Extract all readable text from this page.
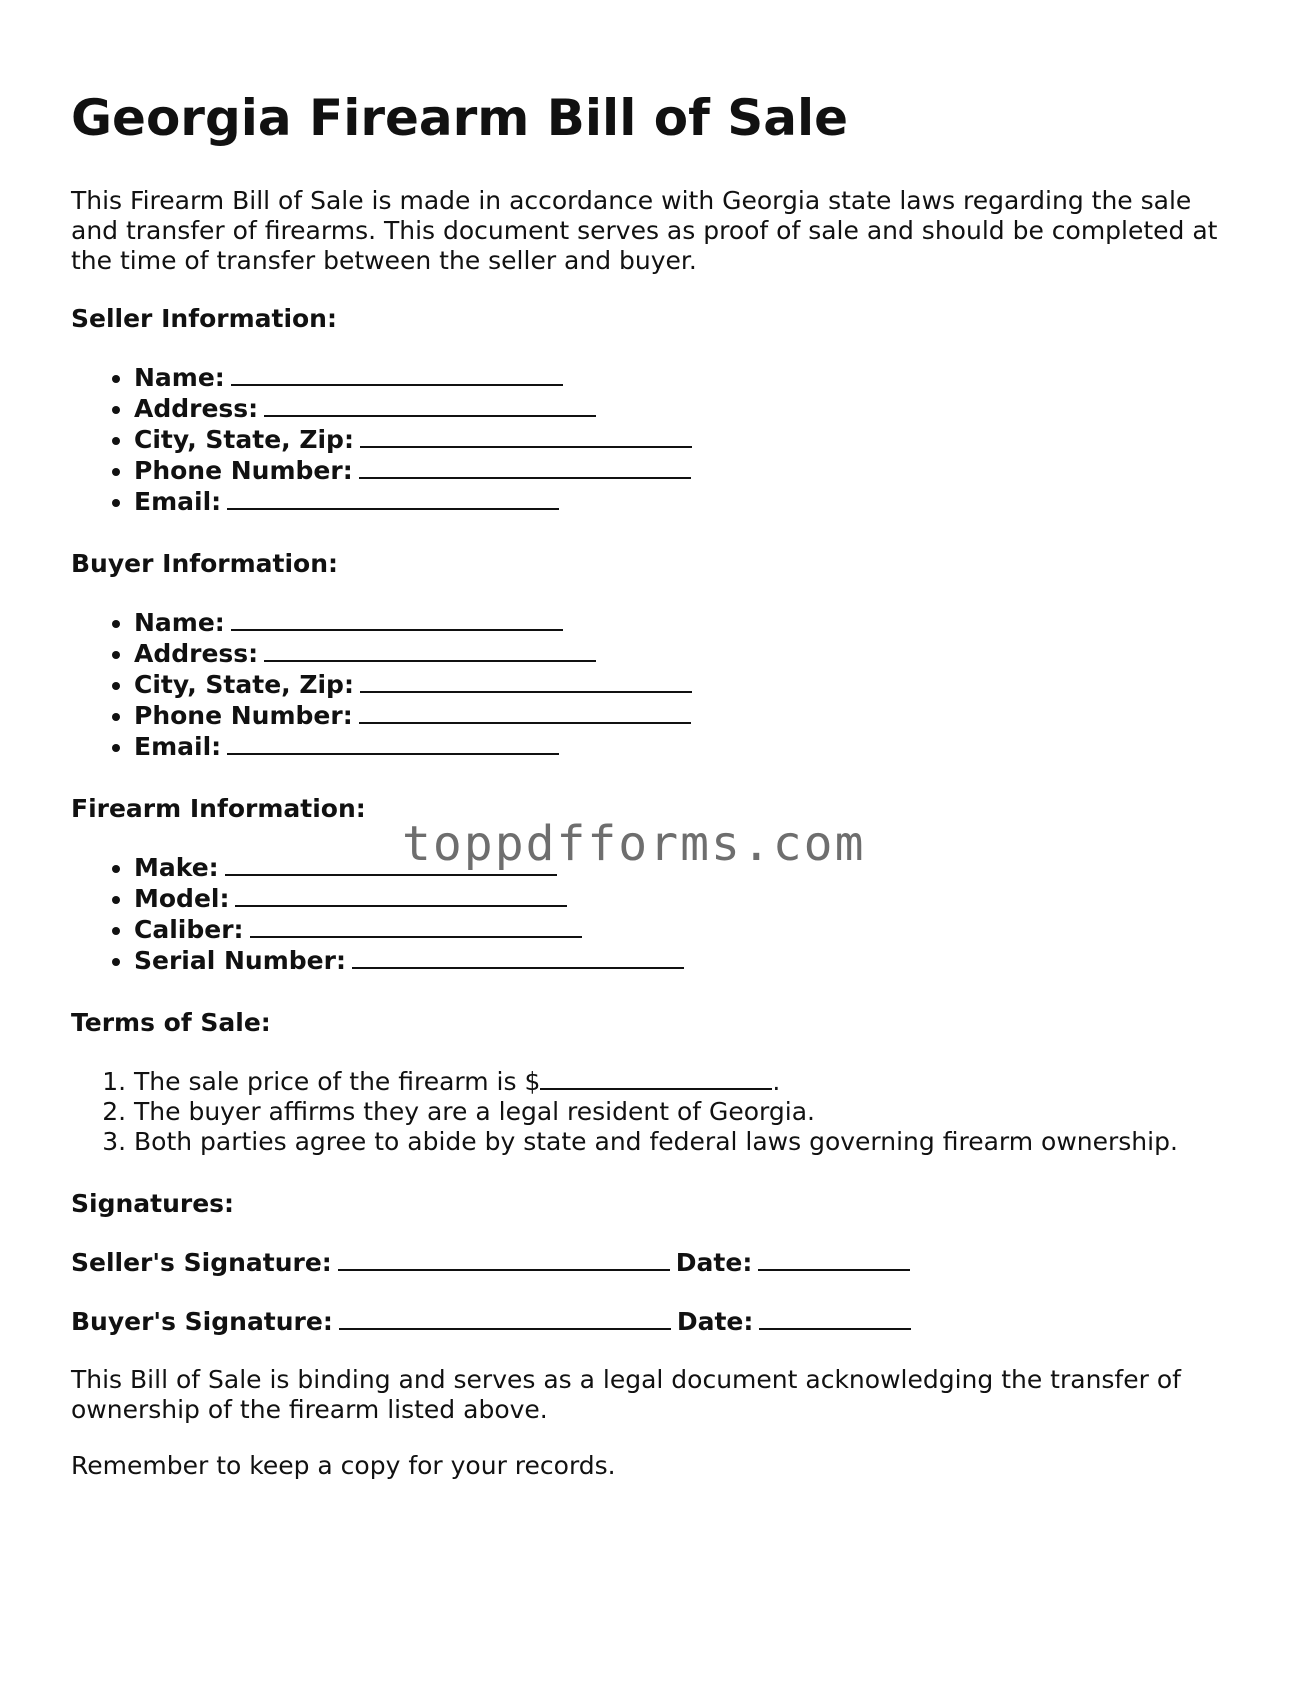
Georgia Firearm Bill of Sale

This Firearm Bill of Sale is made in accordance with Georgia state laws regarding the sale and transfer of firearms. This document serves as proof of sale and should be completed at the time of transfer between the seller and buyer.

Seller Information:
• Name:
• Address:
• City, State, Zip:
• Phone Number:
• Email:
Buyer Information:
• Name:
• Address:
• City, State, Zip:
• Phone Number:
• Email:
Firearm Information:
• Make:
• Model:
• Caliber:
• Serial Number:
Terms of Sale:
1. The sale price of the firearm is $	.
2. The buyer affirms they are a legal resident of Georgia.
3. Both parties agree to abide by state and federal laws governing firearm ownership.
Signatures:
Seller's Signature:	Date:
Buyer's Signature:	Date:

This Bill of Sale is binding and serves as a legal document acknowledging the transfer of ownership of the firearm listed above.

Remember to keep a copy for your records.

toppdfforms.com
